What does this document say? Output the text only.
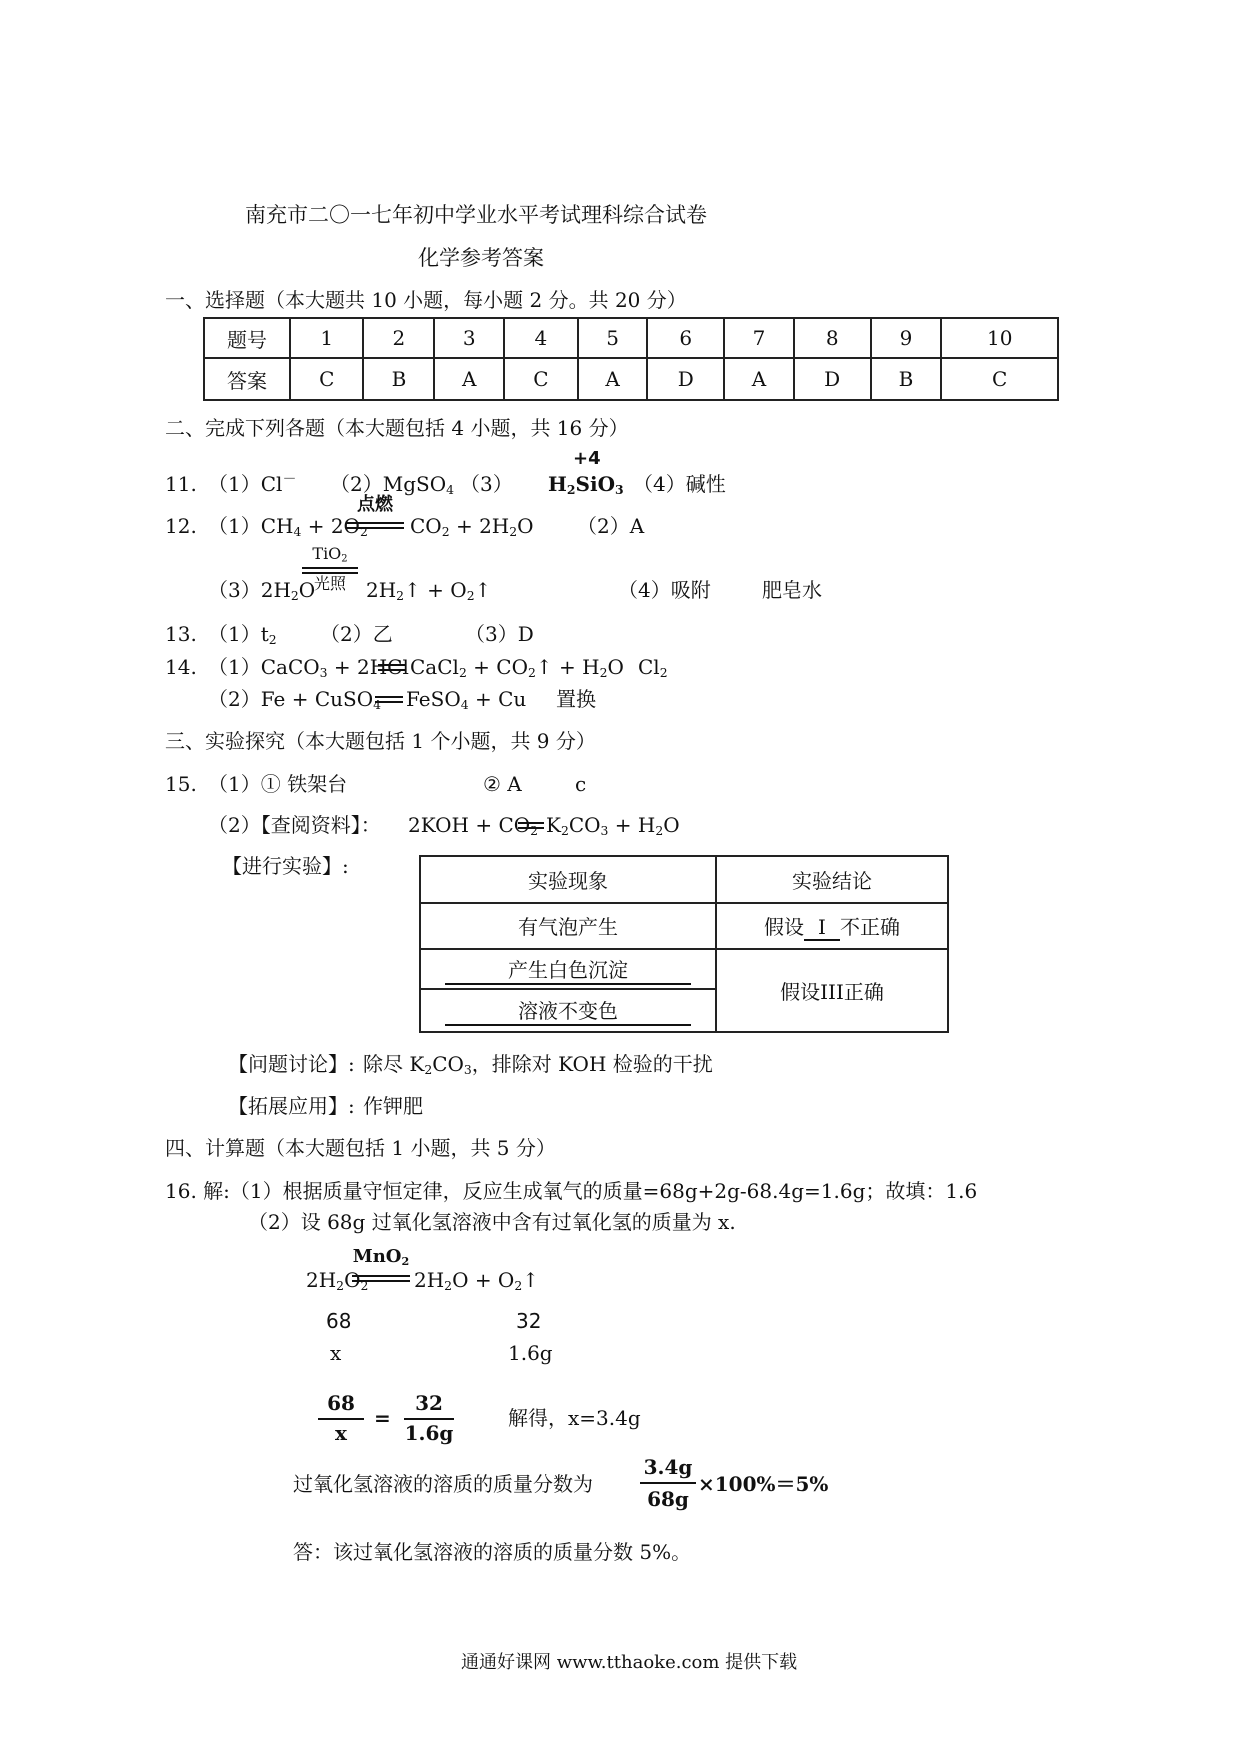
南充市二〇一七年初中学业水平考试理科综合试卷
化学参考答案
一、选择题（本大题共 10 小题，每小题 2 分。共 20 分）
题号	1	2	3	4	5	6	7	8	9	10
答案	C	B	A	C	A	D	A	D	B	C
二、完成下列各题（本大题包括 4 小题，共 16 分）
11. （1）Cl－ （2）MgSO$_4$ （3）
+4
$H_2SiO_3$ （4）碱性
12. $(1)CH_4 + 2O_2$
点燃
$CO_2 + 2H_2O$ （2）A
$(3)2H_2O$
TiO$_2$
光照	$2H_2↑$ + $O_2↑$	（4）吸附	肥皂水
13. $(1)t_2$ （2）乙	（3）D
14. （1）CaCO$_3$ + 2HCl CaCl$_2$ + $CO_2↑ + H_2O$ $Cl_2$
（2）Fe + CuSO$_4$ FeSO$_4$ + Cu 置换
三、实验探究（本大题包括 1 个小题，共 9 分）
15. （1）① 铁架台	② A	c
（2）【查阅资料】： $2KOH + CO_2$ $K_2CO_3 + H_2O$
【进行实验】:
实验现象	实验结论
有气泡产生	假设 I 不正确
产生白色沉淀	假设III正确
溶液不变色	
【问题讨论】: 除尽 $K_2CO_3$，排除对 KOH 检验的干扰
【拓展应用】: 作钾肥
四、计算题（本大题包括 1 小题，共 5 分）
16. 解:（1）根据质量守恒定律，反应生成氧气的质量=68g+2g-68.4g=1.6g；故填：1.6
（2）设 68g 过氧化氢溶液中含有过氧化氢的质量为 x.
$2H_2O_2$
MnO$_2$
$2H_2O$ + $O_2↑$
68	32
x	1.6g
68
x
=
32
1.6g
解得，x=3.4g
过氧化氢溶液的溶质的质量分数为
3.4g
68g
×100%＝5%
答：该过氧化氢溶液的溶质的质量分数 5%。
通通好课网 www.tthaoke.com 提供下载
